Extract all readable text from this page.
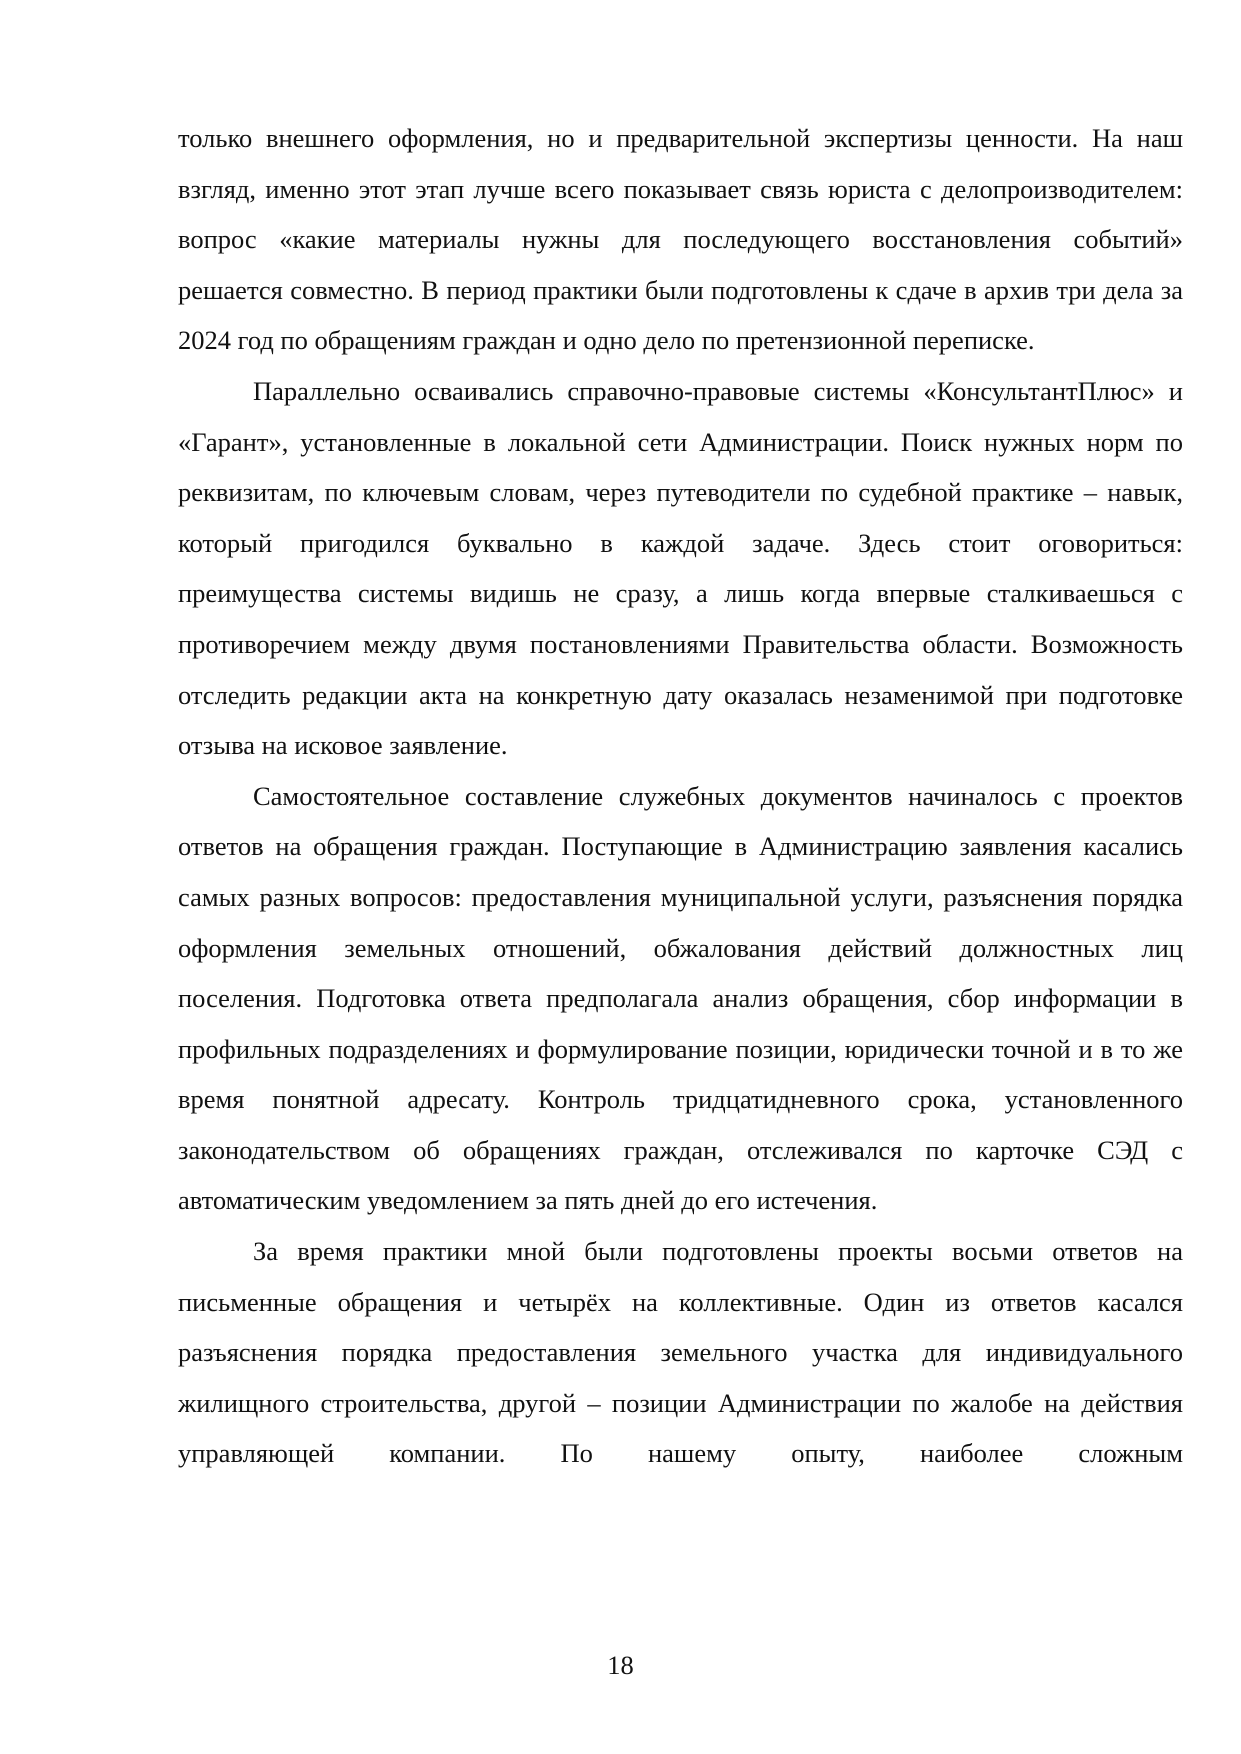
только внешнего оформления, но и предварительной экспертизы ценности. На наш взгляд, именно этот этап лучше всего показывает связь юриста с делопроизводителем: вопрос «какие материалы нужны для последующего восстановления событий» решается совместно. В период практики были подготовлены к сдаче в архив три дела за 2024 год по обращениям граждан и одно дело по претензионной переписке.

Параллельно осваивались справочно-правовые системы «КонсультантПлюс» и «Гарант», установленные в локальной сети Администрации. Поиск нужных норм по реквизитам, по ключевым словам, через путеводители по судебной практике – навык, который пригодился буквально в каждой задаче. Здесь стоит оговориться: преимущества системы видишь не сразу, а лишь когда впервые сталкиваешься с противоречием между двумя постановлениями Правительства области. Возможность отследить редакции акта на конкретную дату оказалась незаменимой при подготовке отзыва на исковое заявление.

Самостоятельное составление служебных документов начиналось с проектов ответов на обращения граждан. Поступающие в Администрацию заявления касались самых разных вопросов: предоставления муниципальной услуги, разъяснения порядка оформления земельных отношений, обжалования действий должностных лиц поселения. Подготовка ответа предполагала анализ обращения, сбор информации в профильных подразделениях и формулирование позиции, юридически точной и в то же время понятной адресату. Контроль тридцатидневного срока, установленного законодательством об обращениях граждан, отслеживался по карточке СЭД с автоматическим уведомлением за пять дней до его истечения.

За время практики мной были подготовлены проекты восьми ответов на письменные обращения и четырёх на коллективные. Один из ответов касался разъяснения порядка предоставления земельного участка для индивидуального жилищного строительства, другой – позиции Администрации по жалобе на действия управляющей компании. По нашему опыту, наиболее сложным

18
